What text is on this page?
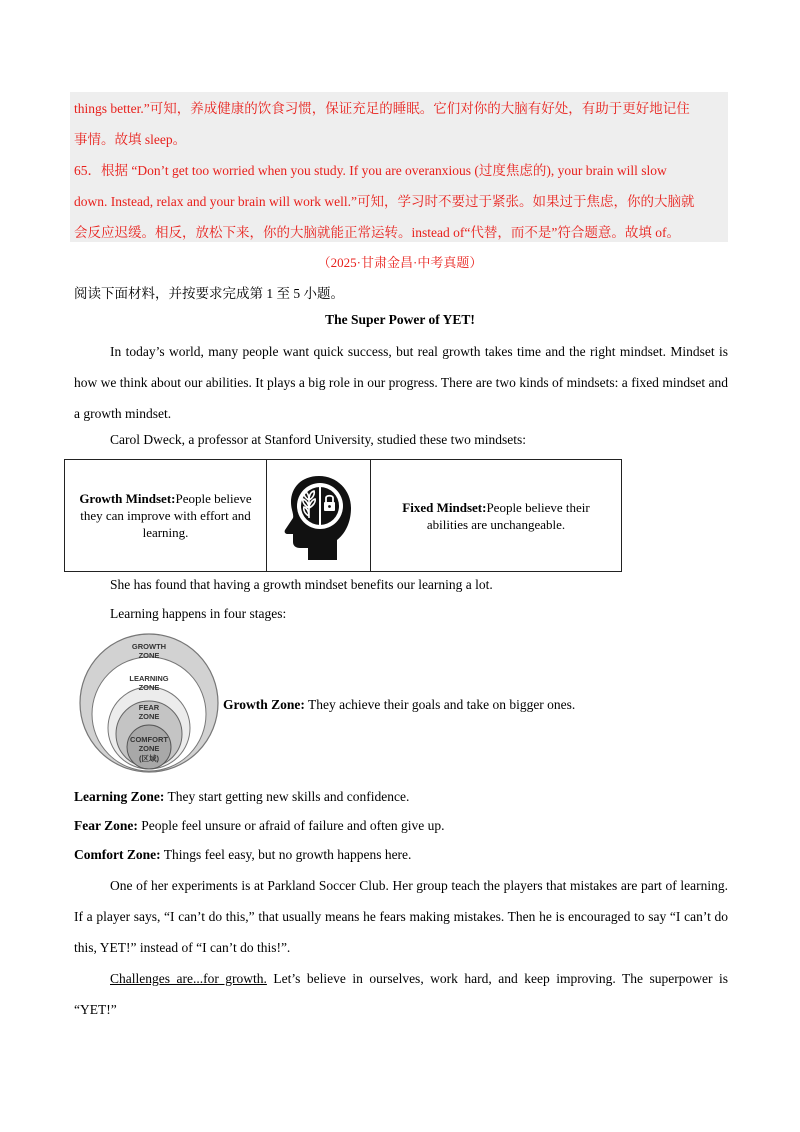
things better.”可知，养成健康的饮食习惯，保证充足的睡眠。它们对你的大脑有好处，有助于更好地记住
事情。故填 sleep。
65．根据 “Don’t get too worried when you study. If you are overanxious (过度焦虑的), your brain will slow
down. Instead, relax and your brain will work well.”可知，学习时不要过于紧张。如果过于焦虑，你的大脑就
会反应迟缓。相反，放松下来，你的大脑就能正常运转。instead of“代替，而不是”符合题意。故填 of。
（2025·甘肃金昌·中考真题）
阅读下面材料，并按要求完成第 1 至 5 小题。
The Super Power of YET!
In today’s world, many people want quick success, but real growth takes time and the right mindset. Mindset is how we think about our abilities. It plays a big role in our progress. There are two kinds of mindsets: a fixed mindset and a growth mindset.
Carol Dweck, a professor at Stanford University, studied these two mindsets:
Growth Mindset:People believe they can improve with effort and learning.
Fixed Mindset:People believe their abilities are unchangeable.
She has found that having a growth mindset benefits our learning a lot.
Learning happens in four stages:
GROWTH
ZONE
LEARNING
ZONE
FEAR
ZONE
COMFORT
ZONE
(区域)
Growth Zone: They achieve their goals and take on bigger ones.
Learning Zone: They start getting new skills and confidence.
Fear Zone: People feel unsure or afraid of failure and often give up.
Comfort Zone: Things feel easy, but no growth happens here.
One of her experiments is at Parkland Soccer Club. Her group teach the players that mistakes are part of learning. If a player says, “I can’t do this,” that usually means he fears making mistakes. Then he is encouraged to say “I can’t do this, YET!” instead of “I can’t do this!”.
Challenges are...for growth. Let’s believe in ourselves, work hard, and keep improving. The superpower is “YET!”
